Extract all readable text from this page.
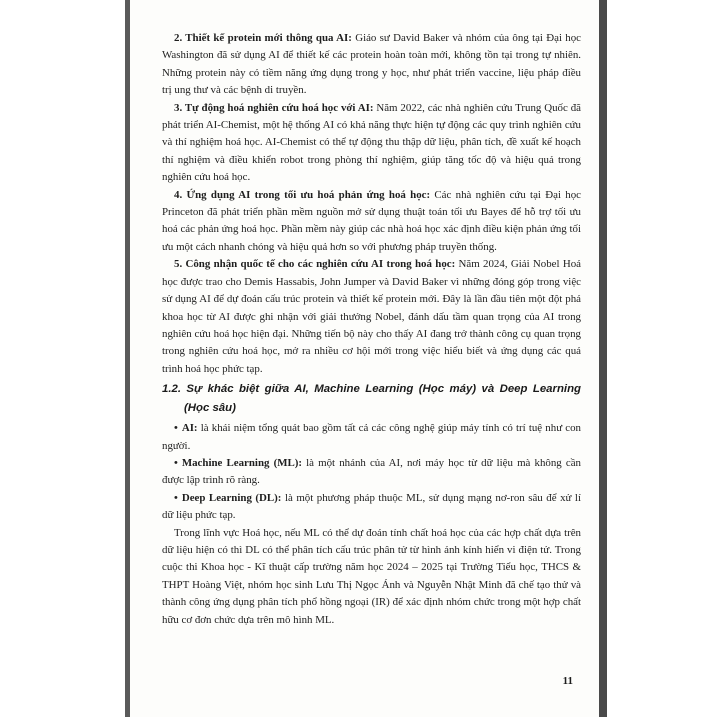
2. Thiết kế protein mới thông qua AI: Giáo sư David Baker và nhóm của ông tại Đại học Washington đã sử dụng AI để thiết kế các protein hoàn toàn mới, không tồn tại trong tự nhiên. Những protein này có tiềm năng ứng dụng trong y học, như phát triển vaccine, liệu pháp điều trị ung thư và các bệnh di truyền.

3. Tự động hoá nghiên cứu hoá học với AI: Năm 2022, các nhà nghiên cứu Trung Quốc đã phát triển AI-Chemist, một hệ thống AI có khả năng thực hiện tự động các quy trình nghiên cứu và thí nghiệm hoá học. AI-Chemist có thể tự động thu thập dữ liệu, phân tích, đề xuất kế hoạch thí nghiệm và điều khiển robot trong phòng thí nghiệm, giúp tăng tốc độ và hiệu quả trong nghiên cứu hoá học.

4. Ứng dụng AI trong tối ưu hoá phản ứng hoá học: Các nhà nghiên cứu tại Đại học Princeton đã phát triển phần mềm nguồn mở sử dụng thuật toán tối ưu Bayes để hỗ trợ tối ưu hoá các phản ứng hoá học. Phần mềm này giúp các nhà hoá học xác định điều kiện phản ứng tối ưu một cách nhanh chóng và hiệu quả hơn so với phương pháp truyền thống.

5. Công nhận quốc tế cho các nghiên cứu AI trong hoá học: Năm 2024, Giải Nobel Hoá học được trao cho Demis Hassabis, John Jumper và David Baker vì những đóng góp trong việc sử dụng AI để dự đoán cấu trúc protein và thiết kế protein mới. Đây là lần đầu tiên một đột phá khoa học từ AI được ghi nhận với giải thưởng Nobel, đánh dấu tầm quan trọng của AI trong nghiên cứu hoá học hiện đại. Những tiến bộ này cho thấy AI đang trở thành công cụ quan trọng trong nghiên cứu hoá học, mở ra nhiều cơ hội mới trong việc hiểu biết và ứng dụng các quá trình hoá học phức tạp.

1.2. Sự khác biệt giữa AI, Machine Learning (Học máy) và Deep Learning (Học sâu)

• AI: là khái niệm tổng quát bao gồm tất cả các công nghệ giúp máy tính có trí tuệ như con người.

• Machine Learning (ML): là một nhánh của AI, nơi máy học từ dữ liệu mà không cần được lập trình rõ ràng.

• Deep Learning (DL): là một phương pháp thuộc ML, sử dụng mạng nơ-ron sâu để xử lí dữ liệu phức tạp.

Trong lĩnh vực Hoá học, nếu ML có thể dự đoán tính chất hoá học của các hợp chất dựa trên dữ liệu hiện có thì DL có thể phân tích cấu trúc phân tử từ hình ảnh kính hiển vi điện tử. Trong cuộc thi Khoa học - Kĩ thuật cấp trường năm học 2024 – 2025 tại Trường Tiểu học, THCS & THPT Hoàng Việt, nhóm học sinh Lưu Thị Ngọc Ánh và Nguyễn Nhật Minh đã chế tạo thử và thành công ứng dụng phân tích phổ hồng ngoại (IR) để xác định nhóm chức trong một hợp chất hữu cơ đơn chức dựa trên mô hình ML.

11
